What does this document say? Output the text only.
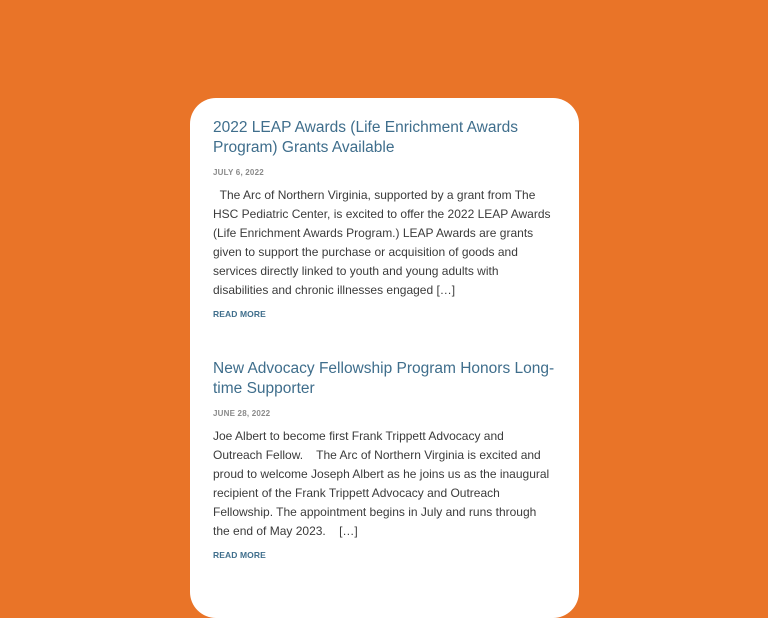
2022 LEAP Awards (Life Enrichment Awards Program) Grants Available
JULY 6, 2022
The Arc of Northern Virginia, supported by a grant from The HSC Pediatric Center, is excited to offer the 2022 LEAP Awards (Life Enrichment Awards Program.) LEAP Awards are grants given to support the purchase or acquisition of goods and services directly linked to youth and young adults with disabilities and chronic illnesses engaged […]
READ MORE
New Advocacy Fellowship Program Honors Long-time Supporter
JUNE 28, 2022
Joe Albert to become first Frank Trippett Advocacy and Outreach Fellow.    The Arc of Northern Virginia is excited and proud to welcome Joseph Albert as he joins us as the inaugural recipient of the Frank Trippett Advocacy and Outreach Fellowship. The appointment begins in July and runs through the end of May 2023.    […]
READ MORE
